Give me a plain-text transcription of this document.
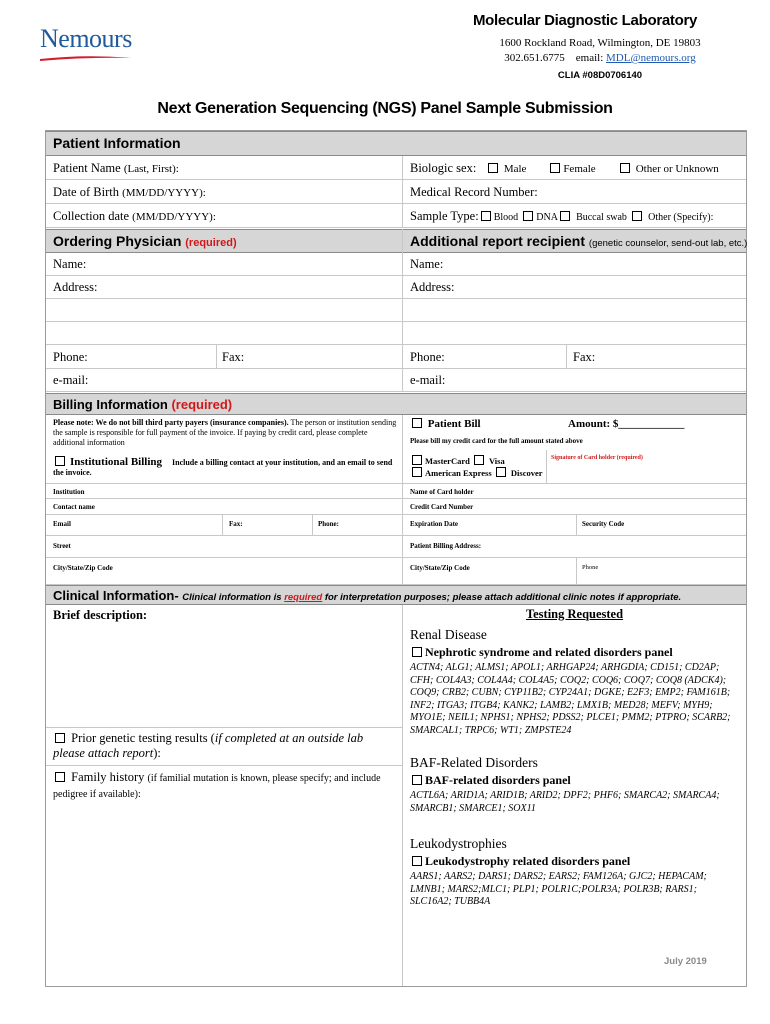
Nemours
Molecular Diagnostic Laboratory
1600 Rockland Road, Wilmington, DE 19803
302.651.6775 email: MDL@nemours.org
CLIA #08D0706140
Next Generation Sequencing (NGS) Panel Sample Submission
Patient Information
Patient Name (Last, First):	Biologic sex:	Male	Female	Other or Unknown
Date of Birth (MM/DD/YYYY):	Medical Record Number:
Collection date (MM/DD/YYYY):	Sample Type: Blood DNA Buccal swab Other (Specify):
Ordering Physician (required)	Additional report recipient (genetic counselor, send-out lab, etc.)
Name:	Name:
Address:	Address:
Phone:	Fax:	Phone:	Fax:
e-mail:	e-mail:
Billing Information (required)
Please note: We do not bill third party payers (insurance companies). The person or institution sending the sample is responsible for full payment of the invoice. If paying by credit card, please complete additional information
Institutional Billing Include a billing contact at your institution, and an email to send the invoice.
Patient Bill	Amount: $____________
Please bill my credit card for the full amount stated above
MasterCard Visa
American Express Discover
Signature of Card holder (required)
Institution	Name of Card holder
Contact name	Credit Card Number
Email	Fax:	Phone:	Expiration Date	Security Code
Street	Patient Billing Address:
City/State/Zip Code	City/State/Zip Code	Phone
Clinical Information- Clinical information is required for interpretation purposes; please attach additional clinic notes if appropriate.
Brief description:
Prior genetic testing results (if completed at an outside lab please attach report):
Family history (if familial mutation is known, please specify; and include pedigree if available):
Testing Requested
Renal Disease
Nephrotic syndrome and related disorders panel
ACTN4; ALG1; ALMS1; APOL1; ARHGAP24; ARHGDIA; CD151; CD2AP; CFH; COL4A3; COL4A4; COL4A5; COQ2; COQ6; COQ7; COQ8 (ADCK4); COQ9; CRB2; CUBN; CYP11B2; CYP24A1; DGKE; E2F3; EMP2; FAM161B; INF2; ITGA3; ITGB4; KANK2; LAMB2; LMX1B; MED28; MEFV; MYH9; MYO1E; NEIL1; NPHS1; NPHS2; PDSS2; PLCE1; PMM2; PTPRO; SCARB2; SMARCAL1; TRPC6; WT1; ZMPSTE24
BAF-Related Disorders
BAF-related disorders panel
ACTL6A; ARID1A; ARID1B; ARID2; DPF2; PHF6; SMARCA2; SMARCA4; SMARCB1; SMARCE1; SOX11
Leukodystrophies
Leukodystrophy related disorders panel
AARS1; AARS2; DARS1; DARS2; EARS2; FAM126A; GJC2; HEPACAM; LMNB1; MARS2;MLC1; PLP1; POLR1C;POLR3A; POLR3B; RARS1; SLC16A2; TUBB4A
July 2019
